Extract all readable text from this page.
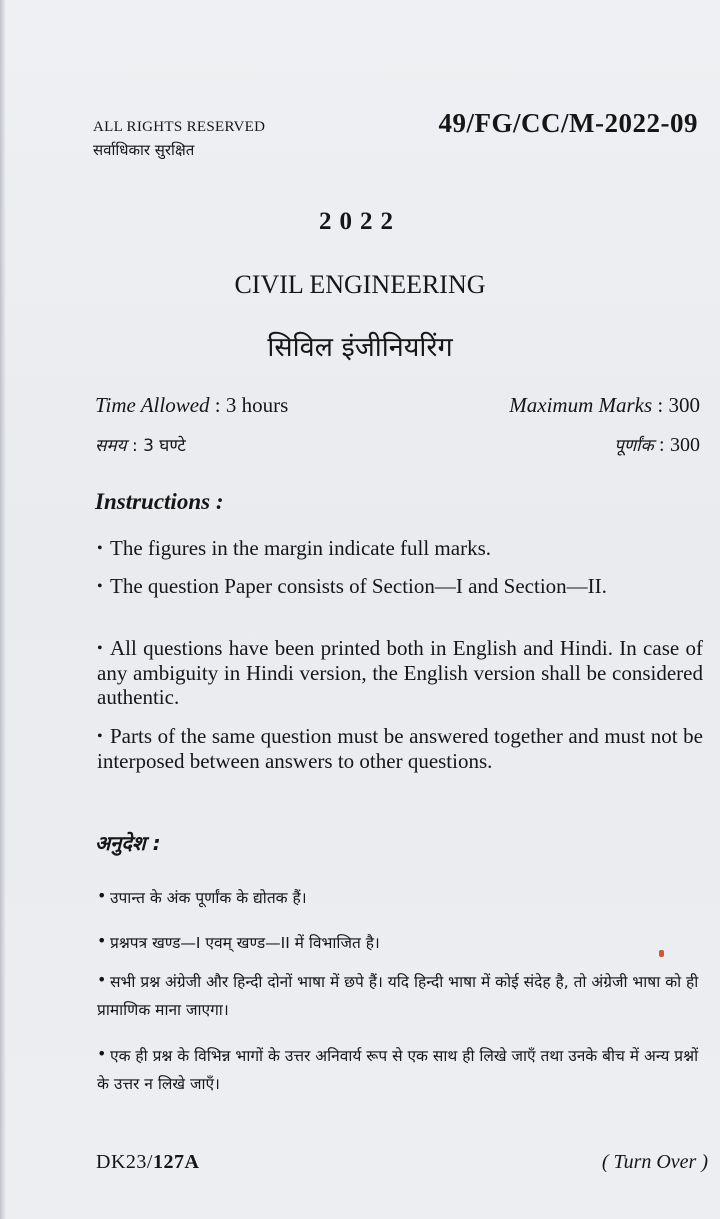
ALL RIGHTS RESERVED
सर्वाधिकार सुरक्षित
49/FG/CC/M-2022-09
2022
CIVIL ENGINEERING
सिविल इंजीनियरिंग
Time Allowed : 3 hours	Maximum Marks : 300
समय : 3 घण्टे	पूर्णांक : 300
Instructions :
• The figures in the margin indicate full marks.
• The question Paper consists of Section—I and Section—II.
• All questions have been printed both in English and Hindi. In case of any ambiguity in Hindi version, the English version shall be considered authentic.
• Parts of the same question must be answered together and must not be interposed between answers to other questions.
अनुदेश :
• उपान्त के अंक पूर्णांक के द्योतक हैं।
• प्रश्नपत्र खण्ड—I एवम् खण्ड—II में विभाजित है।
• सभी प्रश्न अंग्रेजी और हिन्दी दोनों भाषा में छपे हैं। यदि हिन्दी भाषा में कोई संदेह है, तो अंग्रेजी भाषा को ही प्रामाणिक माना जाएगा।
• एक ही प्रश्न के विभिन्न भागों के उत्तर अनिवार्य रूप से एक साथ ही लिखे जाएँ तथा उनके बीच में अन्य प्रश्नों के उत्तर न लिखे जाएँ।
DK23/127A	( Turn Over )
